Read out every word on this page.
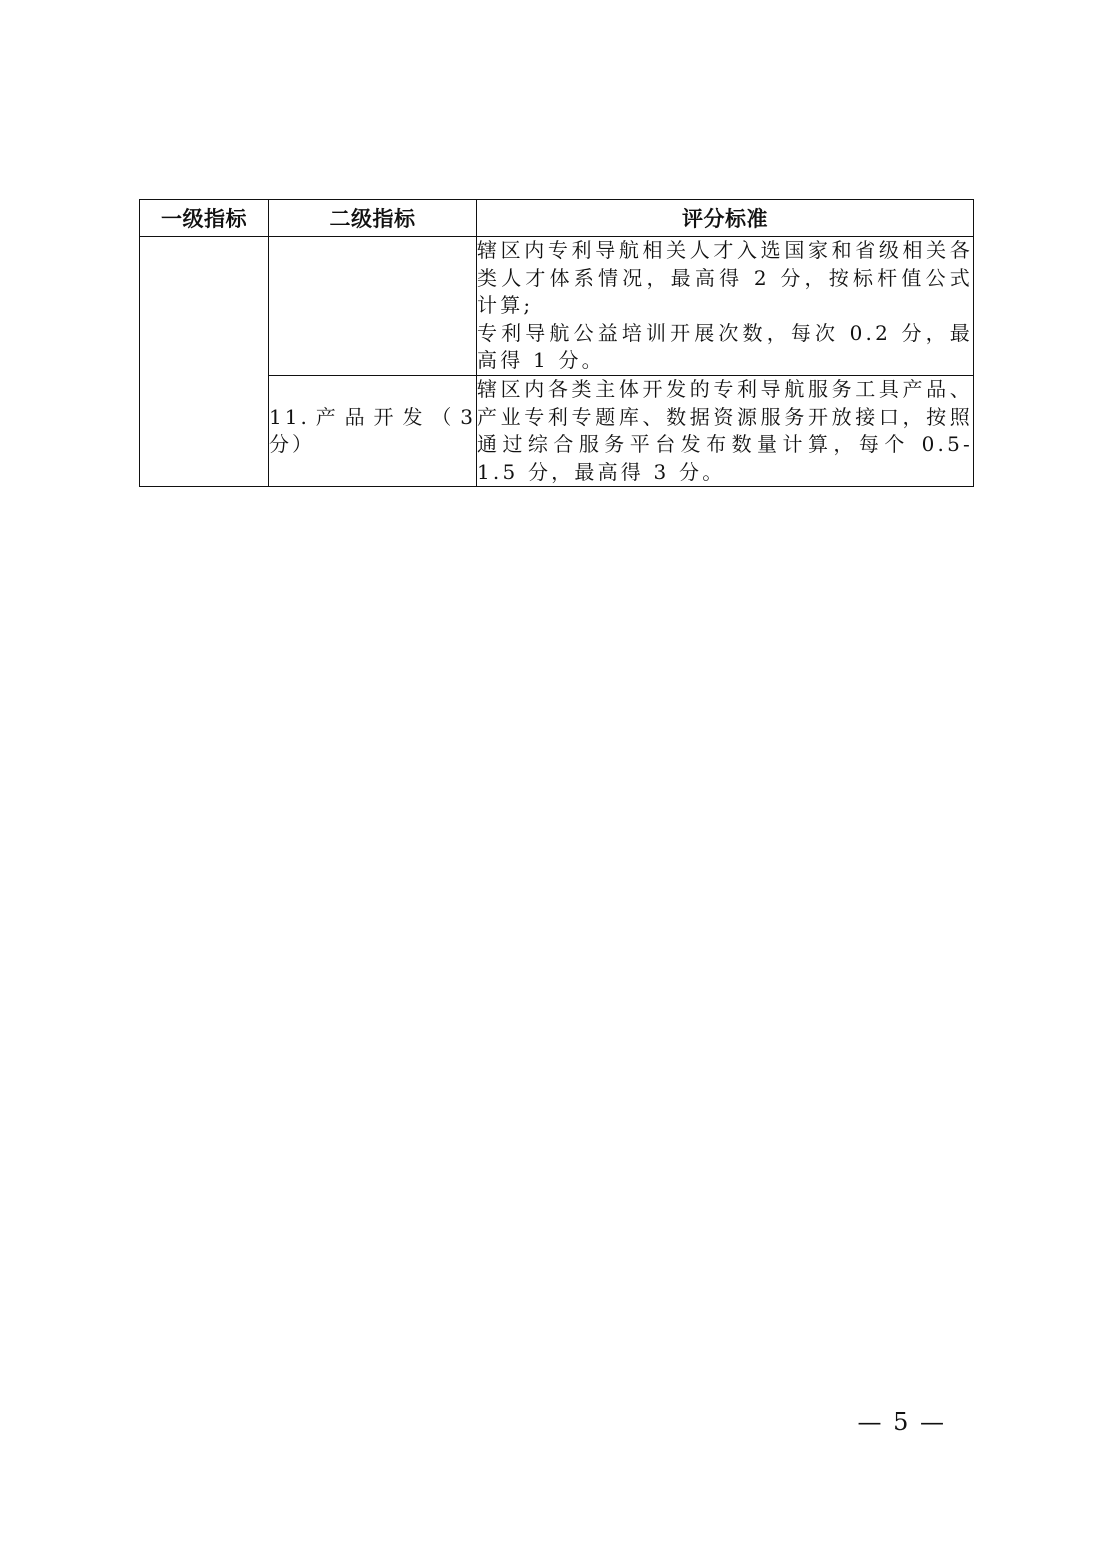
一级指标	二级指标	评分标准

		辖区内专利导航相关人才入选国家和省级相关各类人才体系情况，最高得 2 分，按标杆值公式计算;

专利导航公益培训开展次数，每次 0.2 分，最高得 1 分。

	11.产品开发（3 分）	辖区内各类主体开发的专利导航服务工具产品、产业专利专题库、数据资源服务开放接口，按照通过综合服务平台发布数量计算，每个 0.5-1.5 分，最高得 3 分。

— 5 —
